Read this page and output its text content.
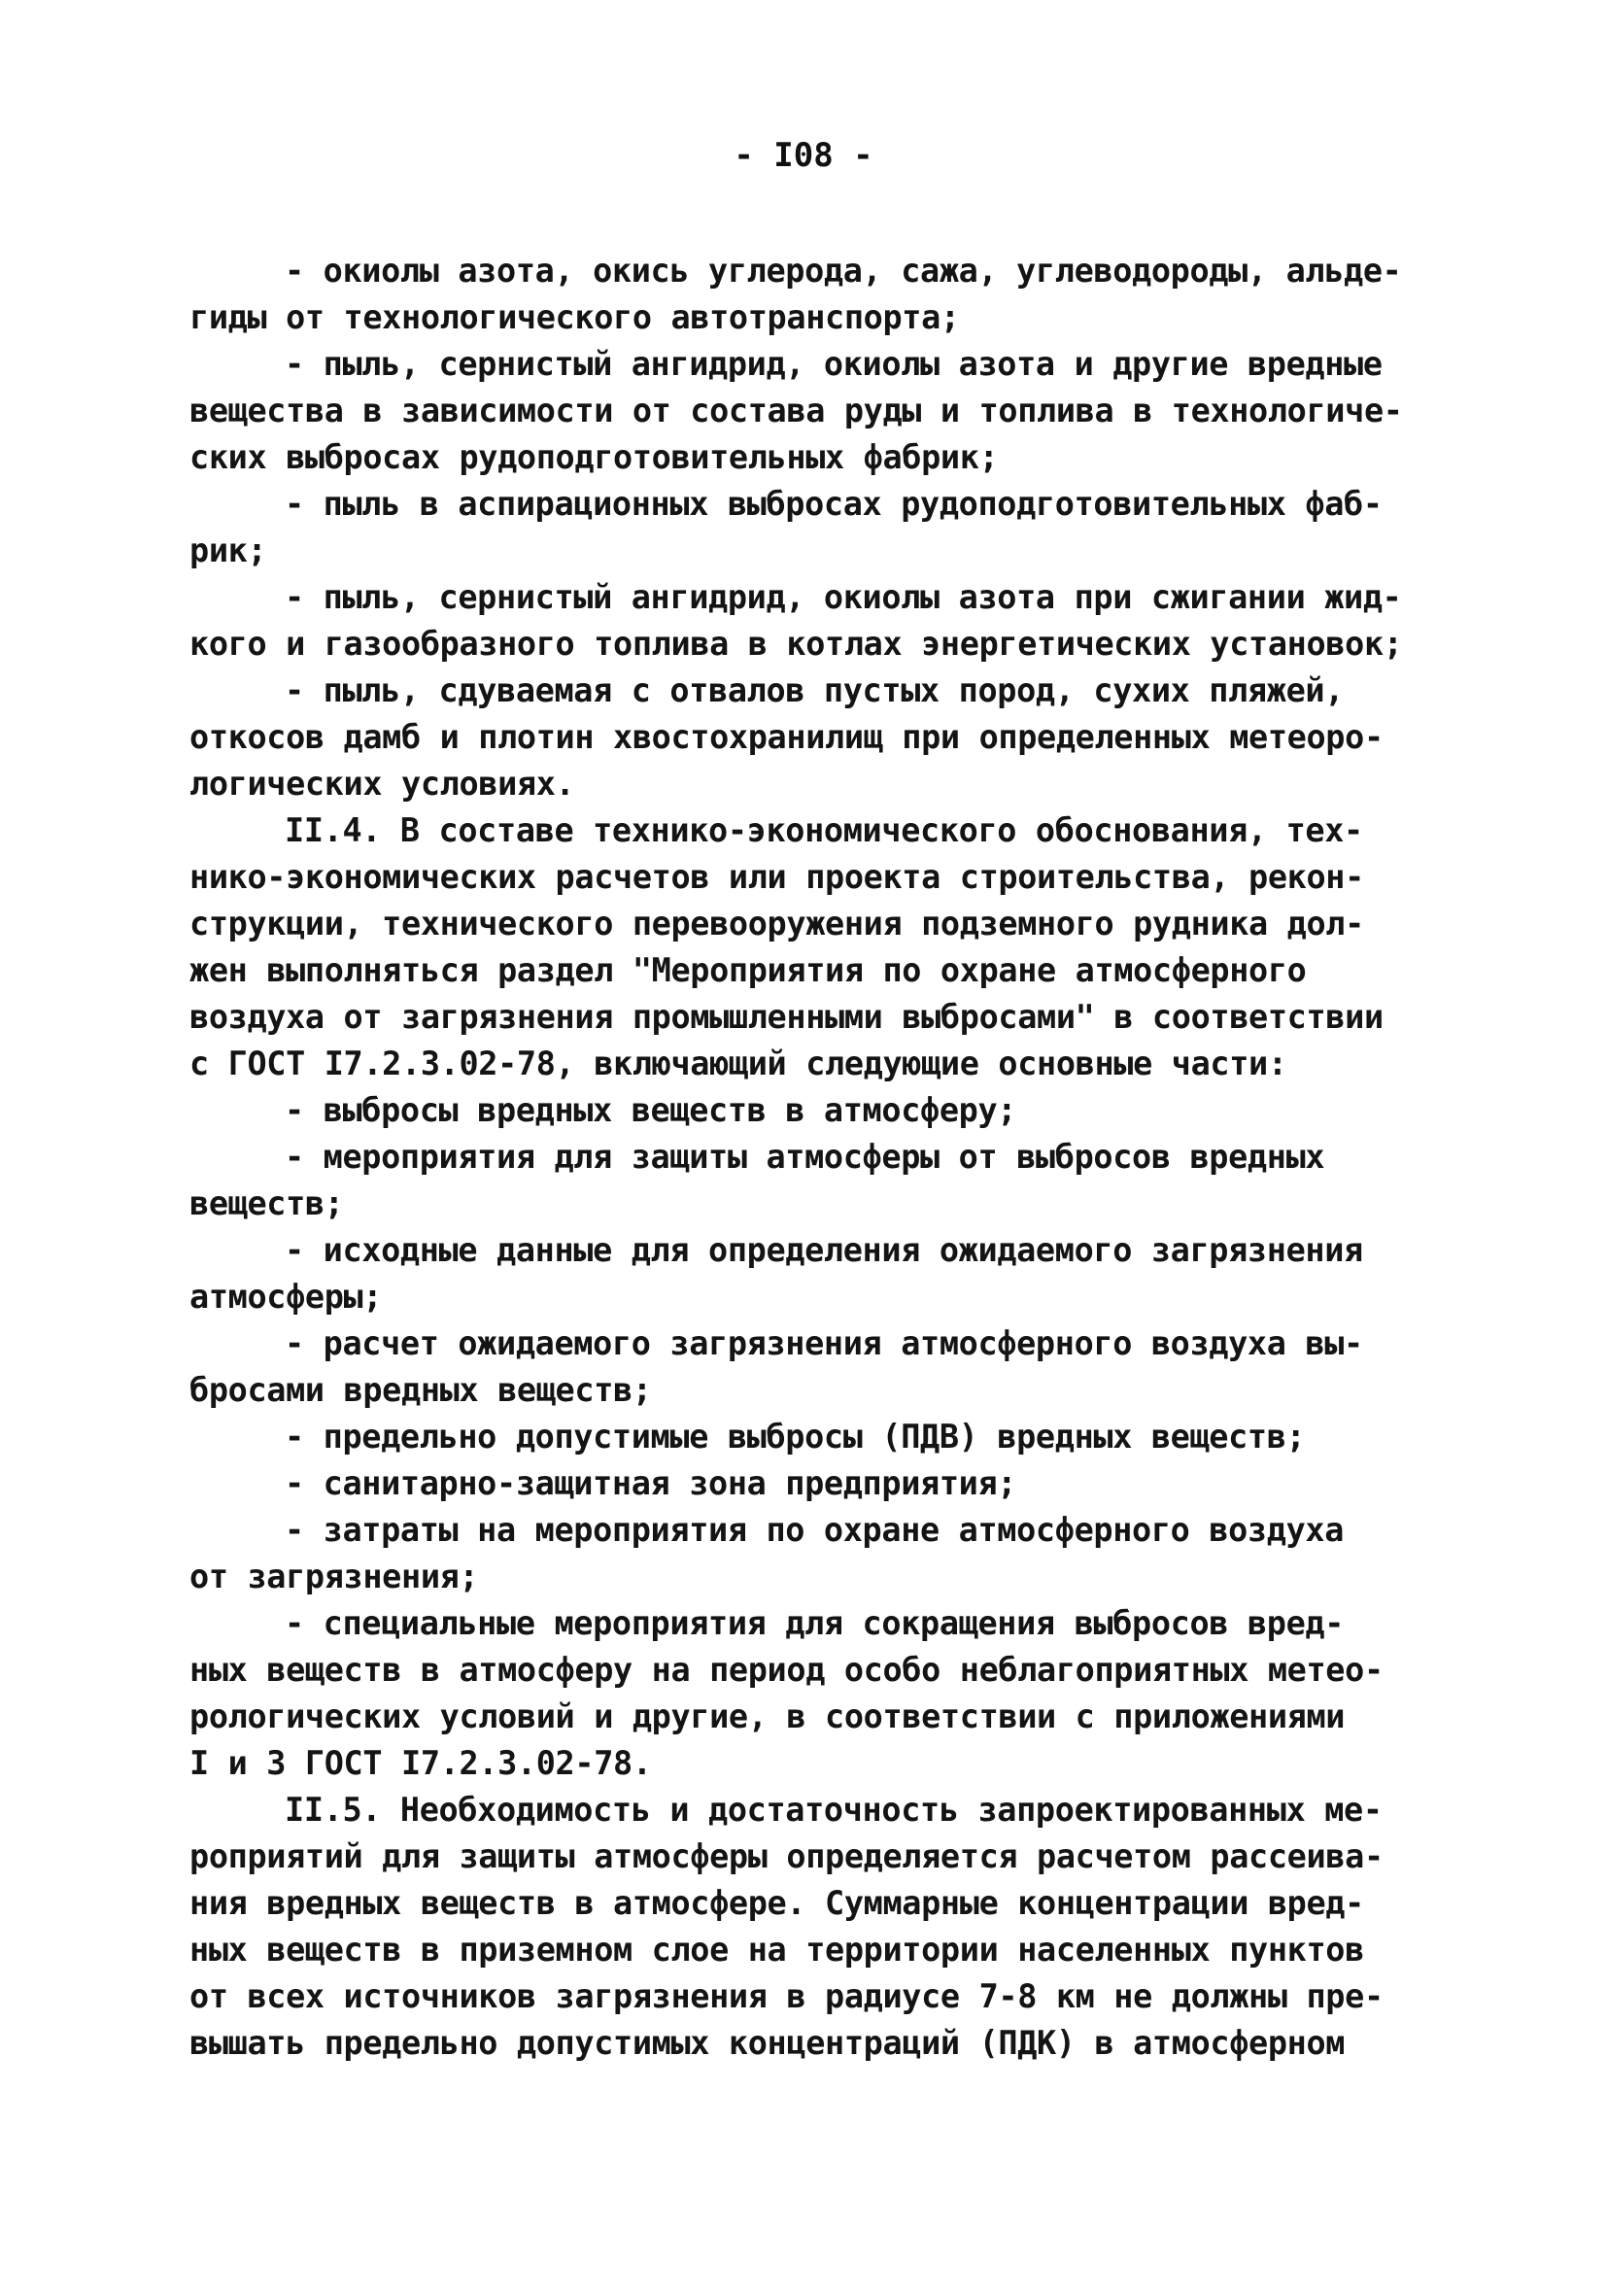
- I08 -

- окиолы азота, окись углерода, сажа, углеводороды, альде-
гиды от технологического автотранспорта;
- пыль, сернистый ангидрид, окиолы азота и другие вредные
вещества в зависимости от состава руды и топлива в технологиче-
ских выбросах рудоподготовительных фабрик;
- пыль в аспирационных выбросах рудоподготовительных фаб-
рик;
- пыль, сернистый ангидрид, окиолы азота при сжигании жид-
кого и газообразного топлива в котлах энергетических установок;
- пыль, сдуваемая с отвалов пустых пород, сухих пляжей,
откосов дамб и плотин хвостохранилищ при определенных метеоро-
логических условиях.
II.4. В составе технико-экономического обоснования, тех-
нико-экономических расчетов или проекта строительства, рекон-
струкции, технического перевооружения подземного рудника дол-
жен выполняться раздел "Мероприятия по охране атмосферного
воздуха от загрязнения промышленными выбросами" в соответствии
с ГОСТ I7.2.3.02-78, включающий следующие основные части:
- выбросы вредных веществ в атмосферу;
- мероприятия для защиты атмосферы от выбросов вредных
веществ;
- исходные данные для определения ожидаемого загрязнения
атмосферы;
- расчет ожидаемого загрязнения атмосферного воздуха вы-
бросами вредных веществ;
- предельно допустимые выбросы (ПДВ) вредных веществ;
- санитарно-защитная зона предприятия;
- затраты на мероприятия по охране атмосферного воздуха
от загрязнения;
- специальные мероприятия для сокращения выбросов вред-
ных веществ в атмосферу на период особо неблагоприятных метео-
рологических условий и другие, в соответствии с приложениями
I и 3 ГОСТ I7.2.3.02-78.
II.5. Необходимость и достаточность запроектированных ме-
роприятий для защиты атмосферы определяется расчетом рассеива-
ния вредных веществ в атмосфере. Суммарные концентрации вред-
ных веществ в приземном слое на территории населенных пунктов
от всех источников загрязнения в радиусе 7-8 км не должны пре-
вышать предельно допустимых концентраций (ПДК) в атмосферном
